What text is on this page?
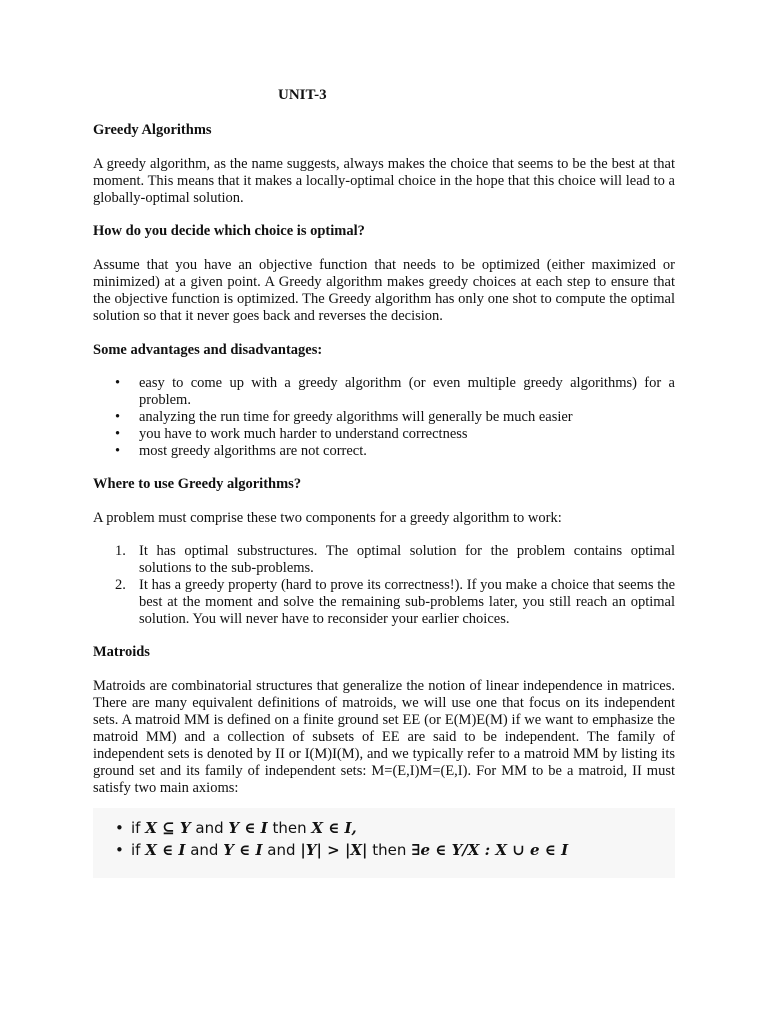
UNIT-3
Greedy Algorithms
A greedy algorithm, as the name suggests, always makes the choice that seems to be the best at that moment. This means that it makes a locally-optimal choice in the hope that this choice will lead to a globally-optimal solution.
How do you decide which choice is optimal?
Assume that you have an objective function that needs to be optimized (either maximized or minimized) at a given point. A Greedy algorithm makes greedy choices at each step to ensure that the objective function is optimized. The Greedy algorithm has only one shot to compute the optimal solution so that it never goes back and reverses the decision.
Some advantages and disadvantages:
• easy to come up with a greedy algorithm (or even multiple greedy algorithms) for a problem.
• analyzing the run time for greedy algorithms will generally be much easier
• you have to work much harder to understand correctness
• most greedy algorithms are not correct.
Where to use Greedy algorithms?
A problem must comprise these two components for a greedy algorithm to work:
1. It has optimal substructures. The optimal solution for the problem contains optimal solutions to the sub-problems.
2. It has a greedy property (hard to prove its correctness!). If you make a choice that seems the best at the moment and solve the remaining sub-problems later, you still reach an optimal solution. You will never have to reconsider your earlier choices.
Matroids
Matroids are combinatorial structures that generalize the notion of linear independence in matrices. There are many equivalent definitions of matroids, we will use one that focus on its independent sets. A matroid MM is defined on a finite ground set EE (or E(M)E(M) if we want to emphasize the matroid MM) and a collection of subsets of EE are said to be independent. The family of independent sets is denoted by II or I(M)I(M), and we typically refer to a matroid MM by listing its ground set and its family of independent sets: M=(E,I)M=(E,I). For MM to be a matroid, II must satisfy two main axioms:
• if X ⊆ Y and Y ∈ I then X ∈ I,
• if X ∈ I and Y ∈ I and |Y| > |X| then ∃e ∈ Y/X : X ∪ e ∈ I
